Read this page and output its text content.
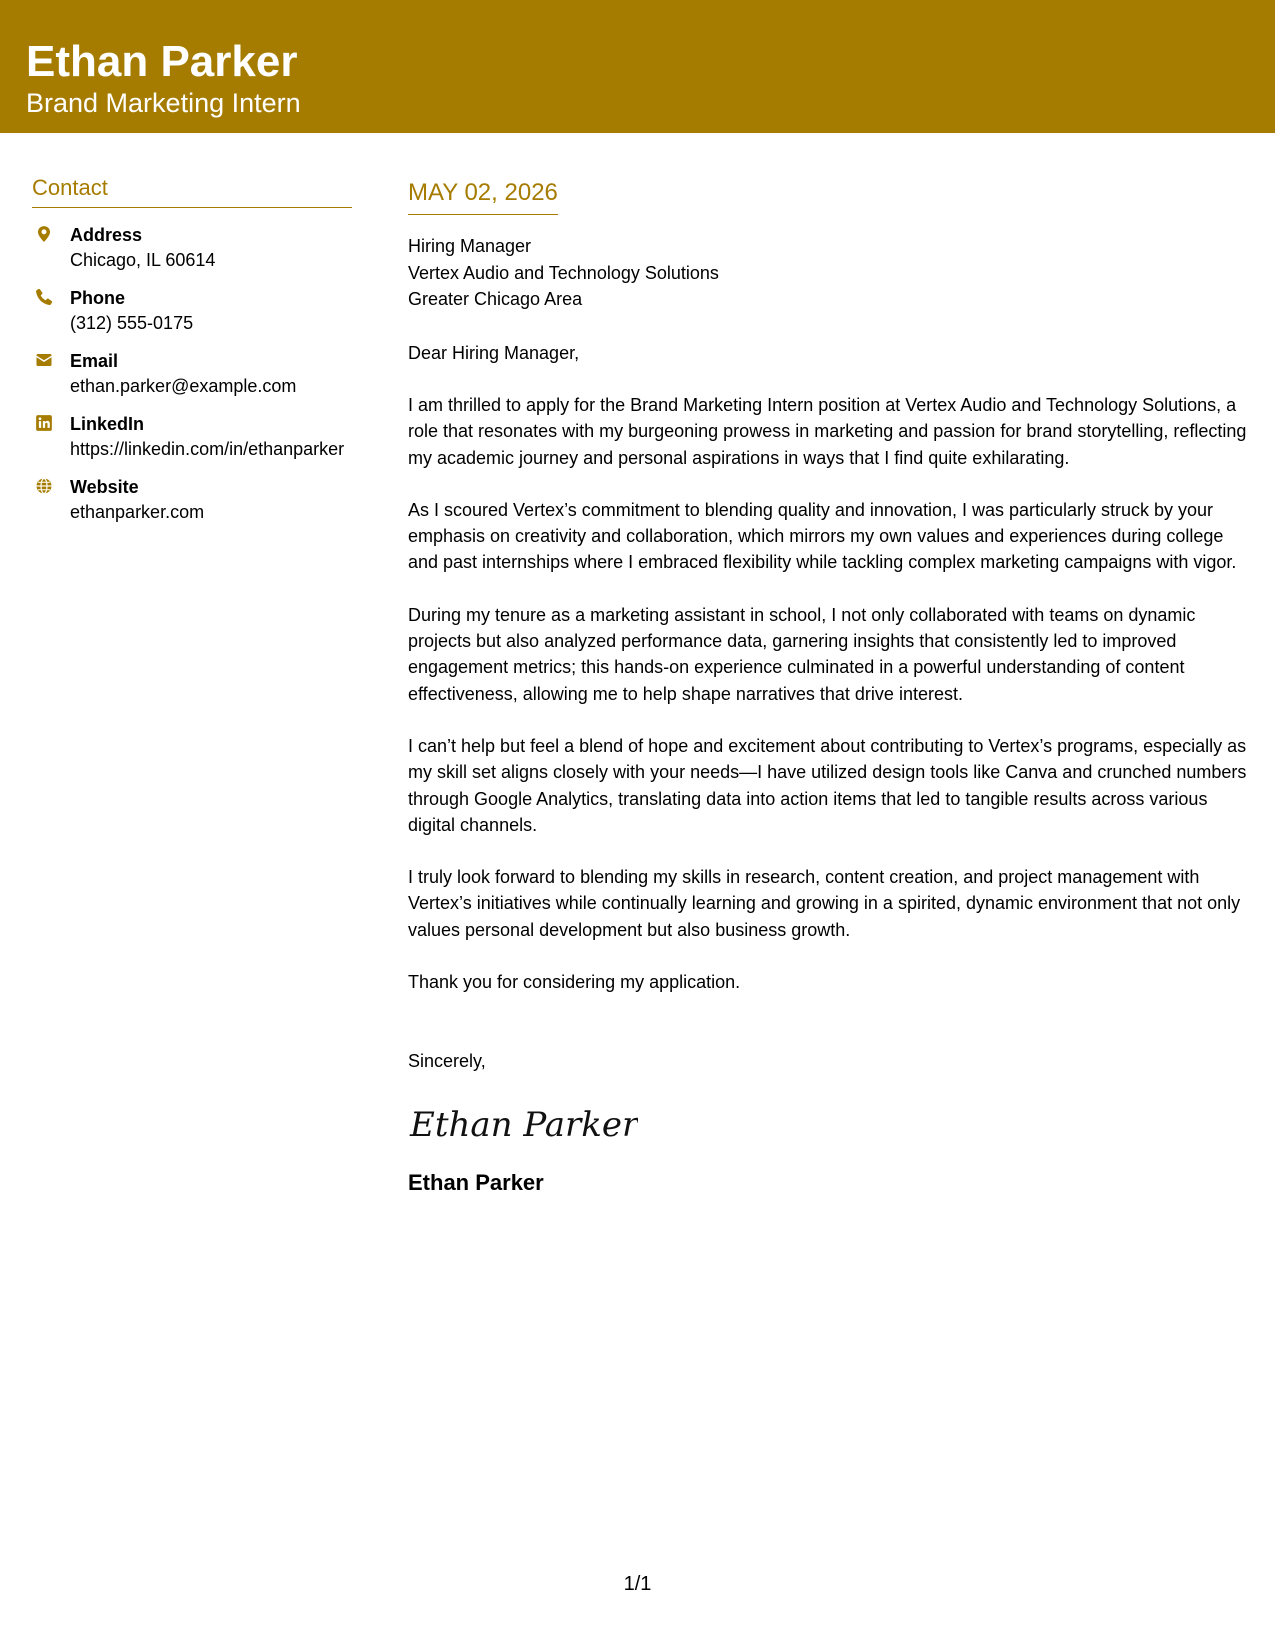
Ethan Parker
Brand Marketing Intern
Contact
Address
Chicago, IL 60614
Phone
(312) 555-0175
Email
ethan.parker@example.com
LinkedIn
https://linkedin.com/in/ethanparker
Website
ethanparker.com
MAY 02, 2026
Hiring Manager
Vertex Audio and Technology Solutions
Greater Chicago Area
Dear Hiring Manager,
I am thrilled to apply for the Brand Marketing Intern position at Vertex Audio and Technology Solutions, a role that resonates with my burgeoning prowess in marketing and passion for brand storytelling, reflecting my academic journey and personal aspirations in ways that I find quite exhilarating.
As I scoured Vertex’s commitment to blending quality and innovation, I was particularly struck by your emphasis on creativity and collaboration, which mirrors my own values and experiences during college and past internships where I embraced flexibility while tackling complex marketing campaigns with vigor.
During my tenure as a marketing assistant in school, I not only collaborated with teams on dynamic projects but also analyzed performance data, garnering insights that consistently led to improved engagement metrics; this hands-on experience culminated in a powerful understanding of content effectiveness, allowing me to help shape narratives that drive interest.
I can’t help but feel a blend of hope and excitement about contributing to Vertex’s programs, especially as my skill set aligns closely with your needs—I have utilized design tools like Canva and crunched numbers through Google Analytics, translating data into action items that led to tangible results across various digital channels.
I truly look forward to blending my skills in research, content creation, and project management with Vertex’s initiatives while continually learning and growing in a spirited, dynamic environment that not only values personal development but also business growth.
Thank you for considering my application.
Sincerely,
Ethan Parker
Ethan Parker
1/1
